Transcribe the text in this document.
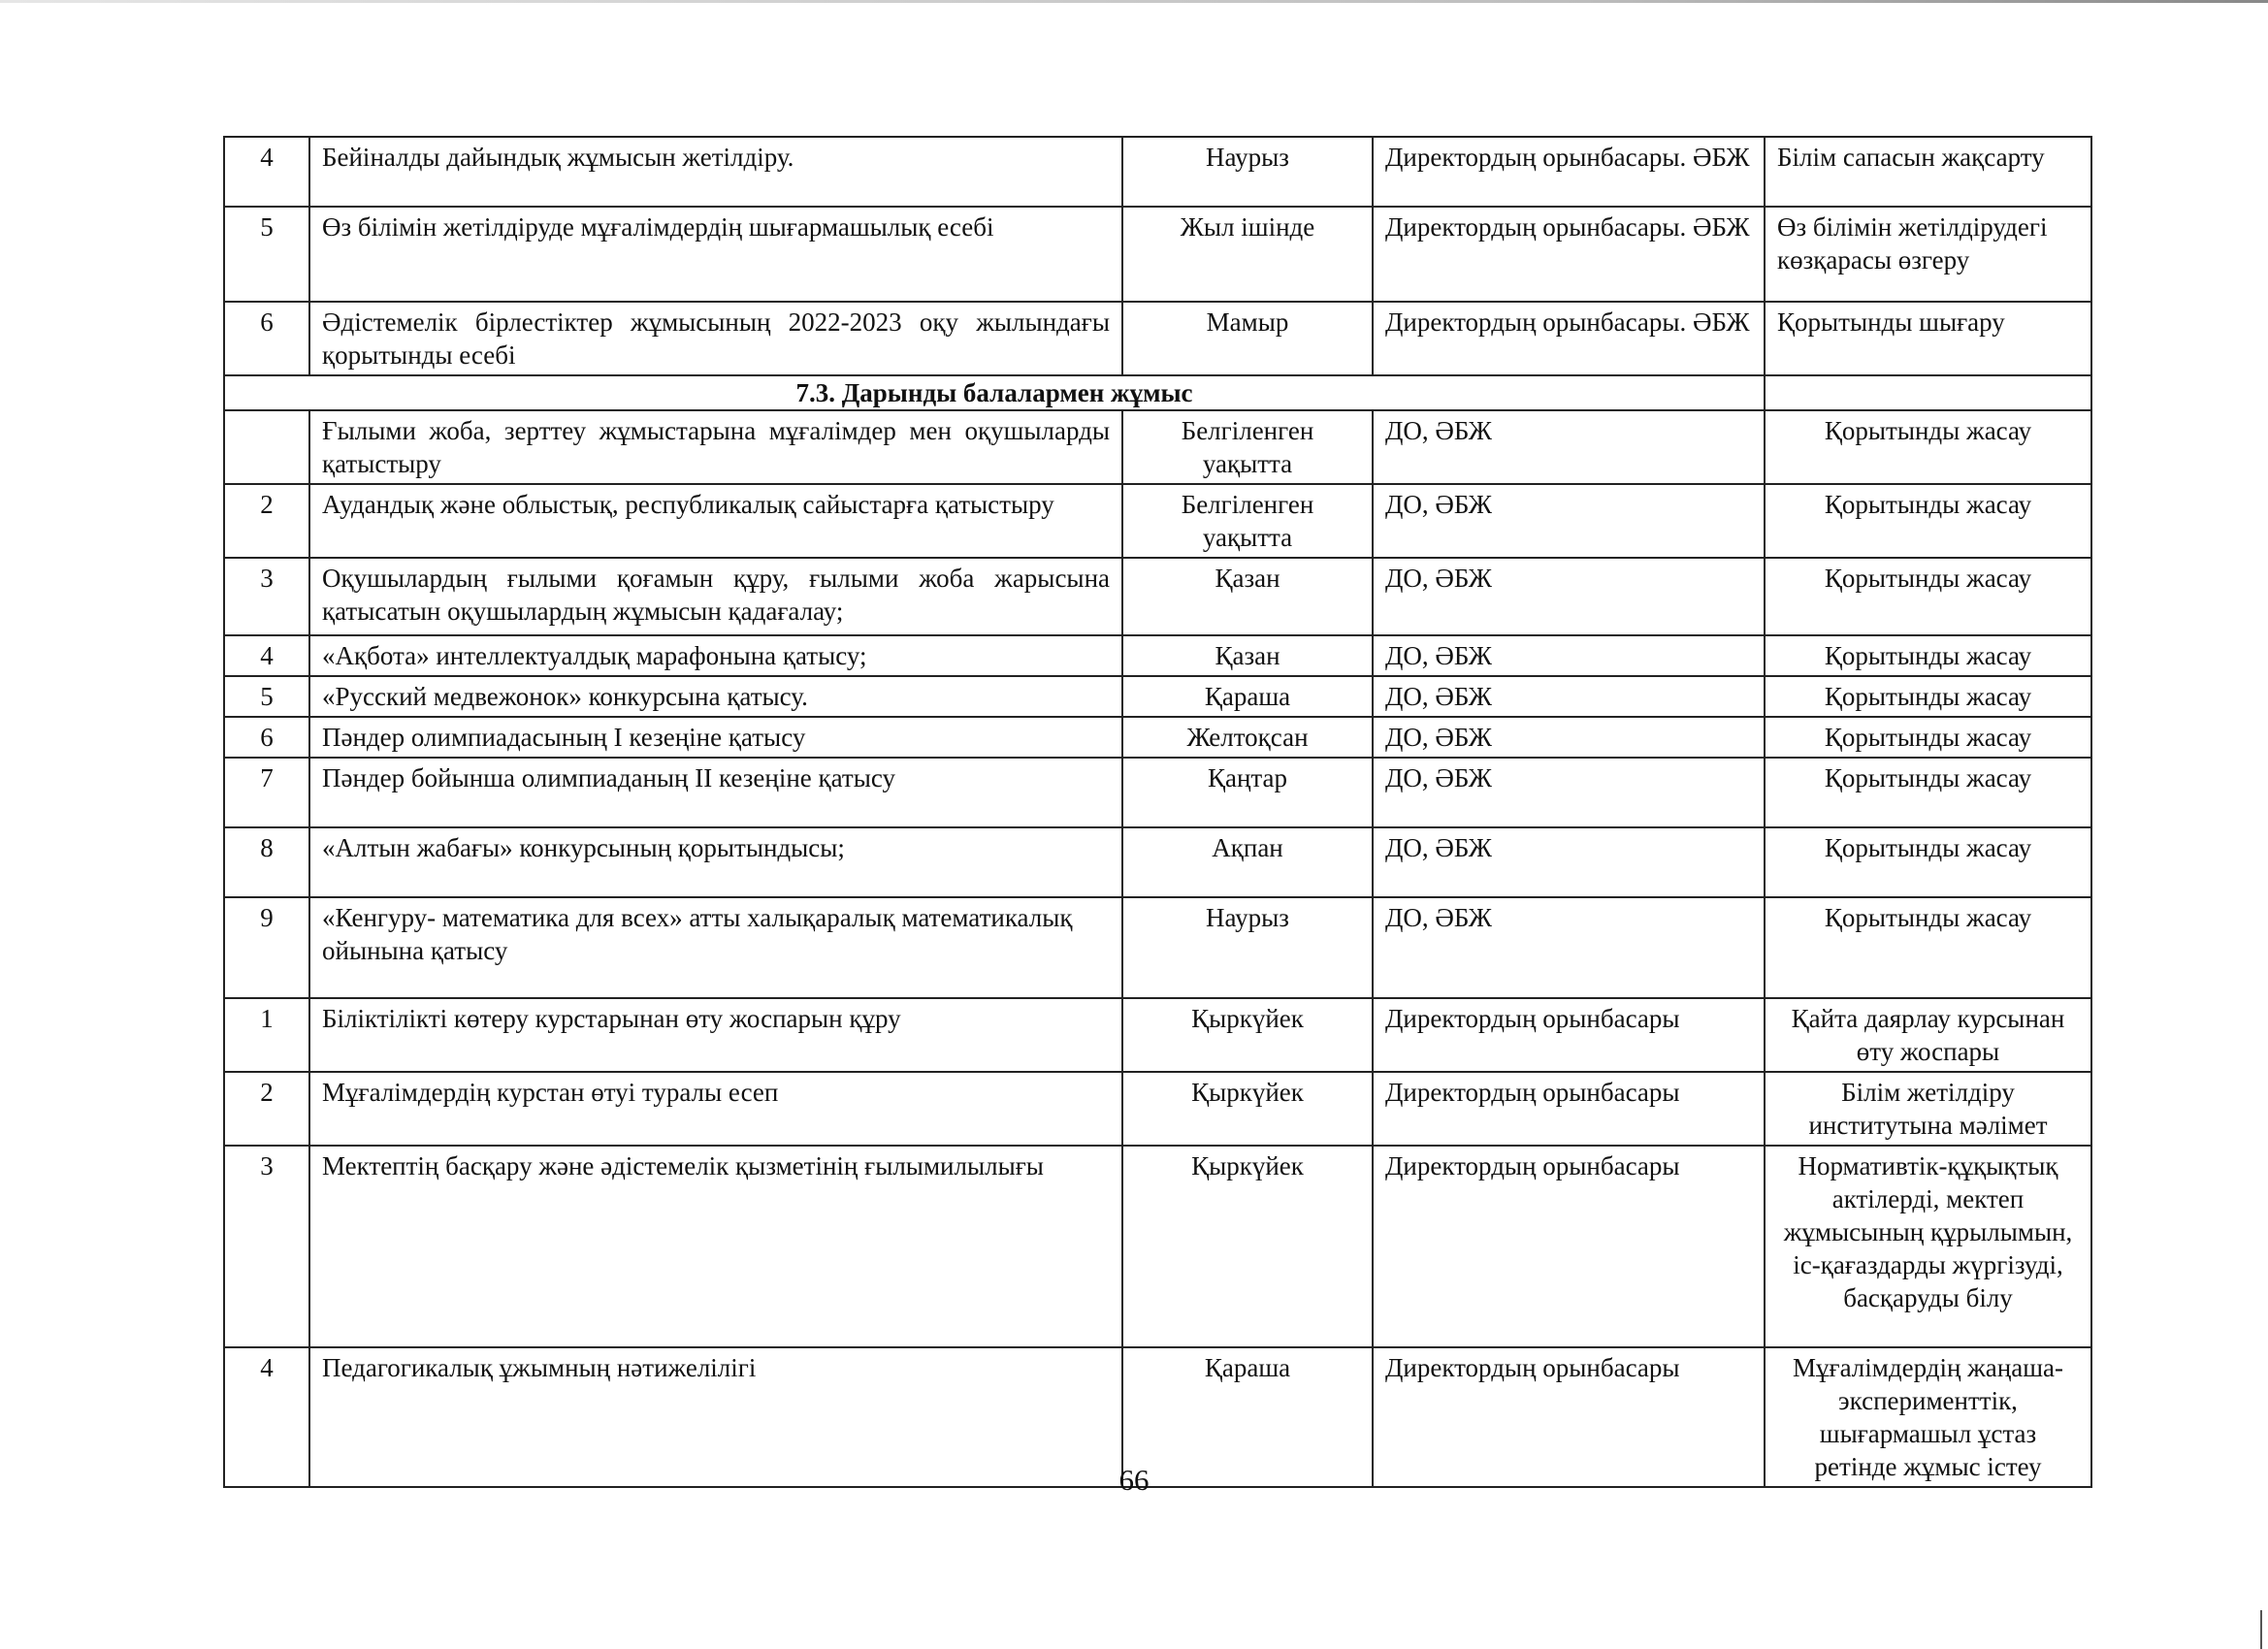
4	Бейіналды дайындық жұмысын жетілдіру.	Наурыз	Директордың орынбасары. ӘБЖ	Білім сапасын жақсарту
5	Өз білімін жетілдіруде мұғалімдердің шығармашылық есебі	Жыл ішінде	Директордың орынбасары. ӘБЖ	Өз білімін жетілдірудегі көзқарасы өзгеру
6	Әдістемелік бірлестіктер жұмысының 2022-2023 оқу жылындағы қорытынды есебі	Мамыр	Директордың орынбасары. ӘБЖ	Қорытынды шығару
7.3. Дарынды балалармен жұмыс				
	Ғылыми жоба, зерттеу жұмыстарына мұғалімдер мен оқушыларды қатыстыру	Белгіленген уақытта	ДО, ӘБЖ	Қорытынды жасау
2	Аудандық және облыстық, республикалық сайыстарға қатыстыру	Белгіленген уақытта	ДО, ӘБЖ	Қорытынды жасау
3	Оқушылардың ғылыми қоғамын құру, ғылыми жоба жарысына қатысатын оқушылардың жұмысын қадағалау;	Қазан	ДО, ӘБЖ	Қорытынды жасау
4	«Ақбота» интеллектуалдық марафонына қатысу;	Қазан	ДО, ӘБЖ	Қорытынды жасау
5	«Русский медвежонок» конкурсына қатысу.	Қараша	ДО, ӘБЖ	Қорытынды жасау
6	Пәндер олимпиадасының I кезеңіне қатысу	Желтоқсан	ДО, ӘБЖ	Қорытынды жасау
7	Пәндер бойынша олимпиаданың II кезеңіне қатысу	Қаңтар	ДО, ӘБЖ	Қорытынды жасау
8	«Алтын жабағы» конкурсының қорытындысы;	Ақпан	ДО, ӘБЖ	Қорытынды жасау
9	«Кенгуру- математика для всех» атты халықаралық математикалық ойынына қатысу	Наурыз	ДО, ӘБЖ	Қорытынды жасау
1	Біліктілікті көтеру курстарынан өту жоспарын құру	Қыркүйек	Директордың орынбасары	Қайта даярлау курсынан өту жоспары
2	Мұғалімдердің курстан өтуі туралы есеп	Қыркүйек	Директордың орынбасары	Білім жетілдіру институтына мәлімет
3	Мектептің басқару және әдістемелік қызметінің ғылымилылығы	Қыркүйек	Директордың орынбасары	Нормативтік-құқықтық актілерді, мектеп жұмысының құрылымын, іс-қағаздарды жүргізуді, басқаруды білу
4	Педагогикалық ұжымның нәтижелілігі	Қараша	Директордың орынбасары	Мұғалімдердің жаңаша-эксперименттік, шығармашыл ұстаз ретінде жұмыс істеу
66
